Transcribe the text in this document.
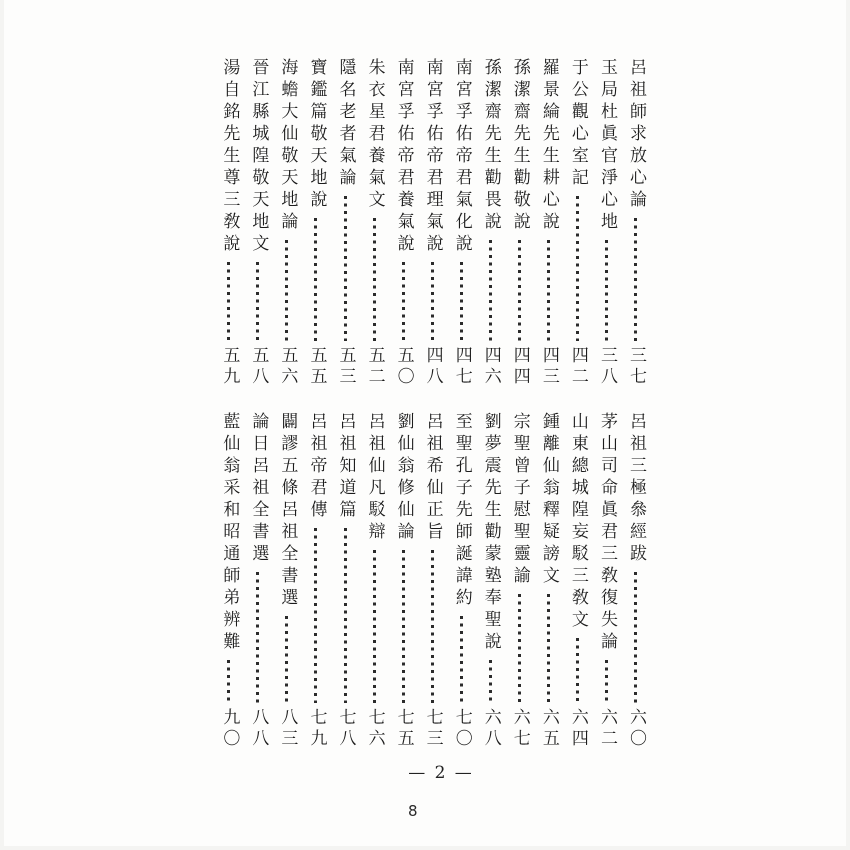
呂祖師求放心論
三七
玉局杜眞官淨心地
三八
于公觀心室記
四二
羅景綸先生耕心說
四三
孫潔齋先生勸敬說
四四
孫潔齋先生勸畏說
四六
南宮孚佑帝君氣化說
四七
南宮孚佑帝君理氣說
四八
南宮孚佑帝君養氣說
五〇
朱衣星君養氣文
五二
隱名老者氣論
五三
寶鑑篇敬天地說
五五
海蟾大仙敬天地論
五六
晉江縣城隍敬天地文
五八
湯自銘先生尊三敎說
五九
呂祖三極叅經跋
六〇
茅山司命眞君三敎復失論
六二
山東總城隍妄駁三敎文
六四
鍾離仙翁釋疑謗文
六五
宗聖曾子慰聖靈諭
六七
劉夢震先生勸蒙塾奉聖說
六八
至聖孔子先師誕諱約
七〇
呂祖希仙正旨
七三
劉仙翁修仙論
七五
呂祖仙凡駁辯
七六
呂祖知道篇
七八
呂祖帝君傳
七九
闢謬五條呂祖全書選
八三
論日呂祖全書選
八八
藍仙翁采和昭通師弟辨難
九〇
— 2 —
8
